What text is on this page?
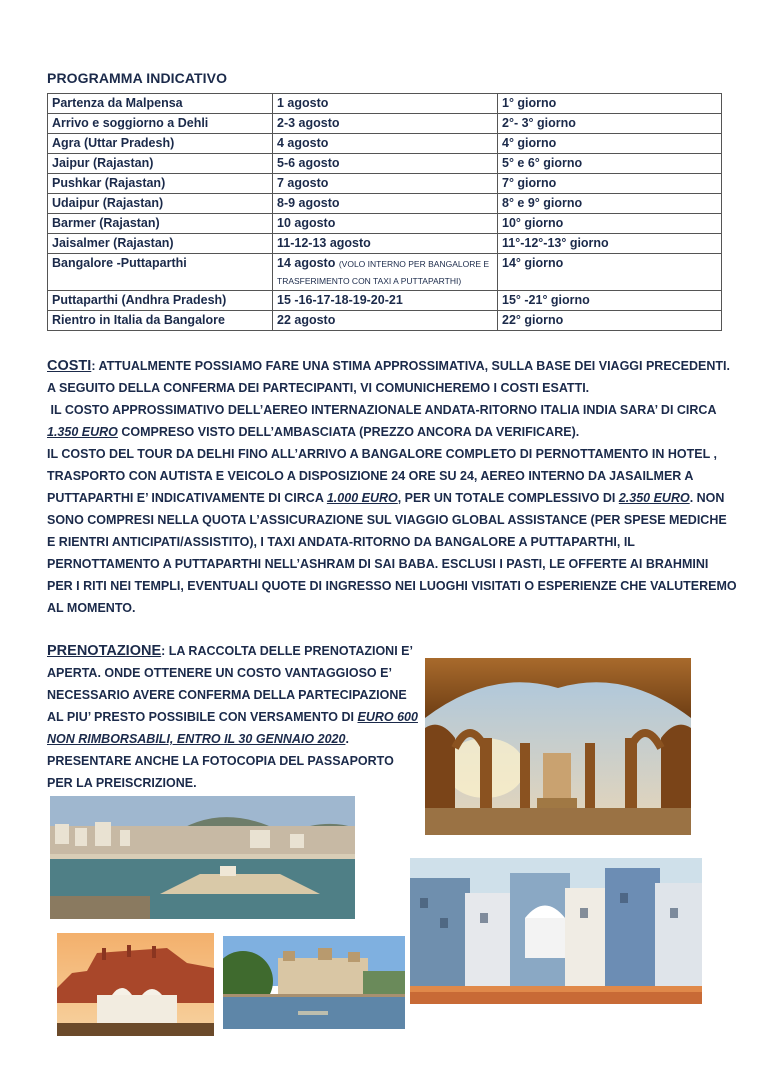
PROGRAMMA INDICATIVO
Partenza da Malpensa	1 agosto	1° giorno
Arrivo e soggiorno a Dehli	2-3 agosto	2°- 3° giorno
Agra (Uttar Pradesh)	4 agosto	4° giorno
Jaipur (Rajastan)	5-6 agosto	5° e 6° giorno
Pushkar (Rajastan)	7 agosto	7° giorno
Udaipur (Rajastan)	8-9 agosto	8° e 9° giorno
Barmer (Rajastan)	10 agosto	10° giorno
Jaisalmer (Rajastan)	11-12-13 agosto	11°-12°-13° giorno
Bangalore -Puttaparthi	14 agosto (VOLO INTERNO PER BANGALORE E TRASFERIMENTO CON TAXI A PUTTAPARTHI)	14° giorno
Puttaparthi (Andhra Pradesh)	15 -16-17-18-19-20-21	15° -21° giorno
Rientro in Italia da Bangalore	22 agosto	22° giorno
COSTI: ATTUALMENTE POSSIAMO FARE UNA STIMA APPROSSIMATIVA, SULLA BASE DEI VIAGGI PRECEDENTI. A SEGUITO DELLA CONFERMA DEI PARTECIPANTI, VI COMUNICHEREMO I COSTI ESATTI.
IL COSTO APPROSSIMATIVO DELL’AEREO INTERNAZIONALE ANDATA-RITORNO ITALIA INDIA SARA’ DI CIRCA 1.350 EURO COMPRESO VISTO DELL’AMBASCIATA (PREZZO ANCORA DA VERIFICARE).
IL COSTO DEL TOUR DA DELHI FINO ALL’ARRIVO A BANGALORE COMPLETO DI PERNOTTAMENTO IN HOTEL , TRASPORTO CON AUTISTA E VEICOLO A DISPOSIZIONE 24 ORE SU 24, AEREO INTERNO DA JASAILMER A PUTTAPARTHI E’ INDICATIVAMENTE DI CIRCA 1.000 EURO, PER UN TOTALE COMPLESSIVO DI 2.350 EURO. NON SONO COMPRESI NELLA QUOTA L’ASSICURAZIONE SUL VIAGGIO GLOBAL ASSISTANCE (PER SPESE MEDICHE E RIENTRI ANTICIPATI/ASSISTITO), I TAXI ANDATA-RITORNO DA BANGALORE A PUTTAPARTHI, IL PERNOTTAMENTO A PUTTAPARTHI NELL’ASHRAM DI SAI BABA. ESCLUSI I PASTI, LE OFFERTE AI BRAHMINI PER I RITI NEI TEMPLI, EVENTUALI QUOTE DI INGRESSO NEI LUOGHI VISITATI O ESPERIENZE CHE VALUTEREMO AL MOMENTO.
PRENOTAZIONE: LA RACCOLTA DELLE PRENOTAZIONI E’ APERTA. ONDE OTTENERE UN COSTO VANTAGGIOSO E’ NECESSARIO AVERE CONFERMA DELLA PARTECIPAZIONE AL PIU’ PRESTO POSSIBILE CON VERSAMENTO DI EURO 600 NON RIMBORSABILI, ENTRO IL 30 GENNAIO 2020. PRESENTARE ANCHE LA FOTOCOPIA DEL PASSAPORTO PER LA PREISCRIZIONE.
